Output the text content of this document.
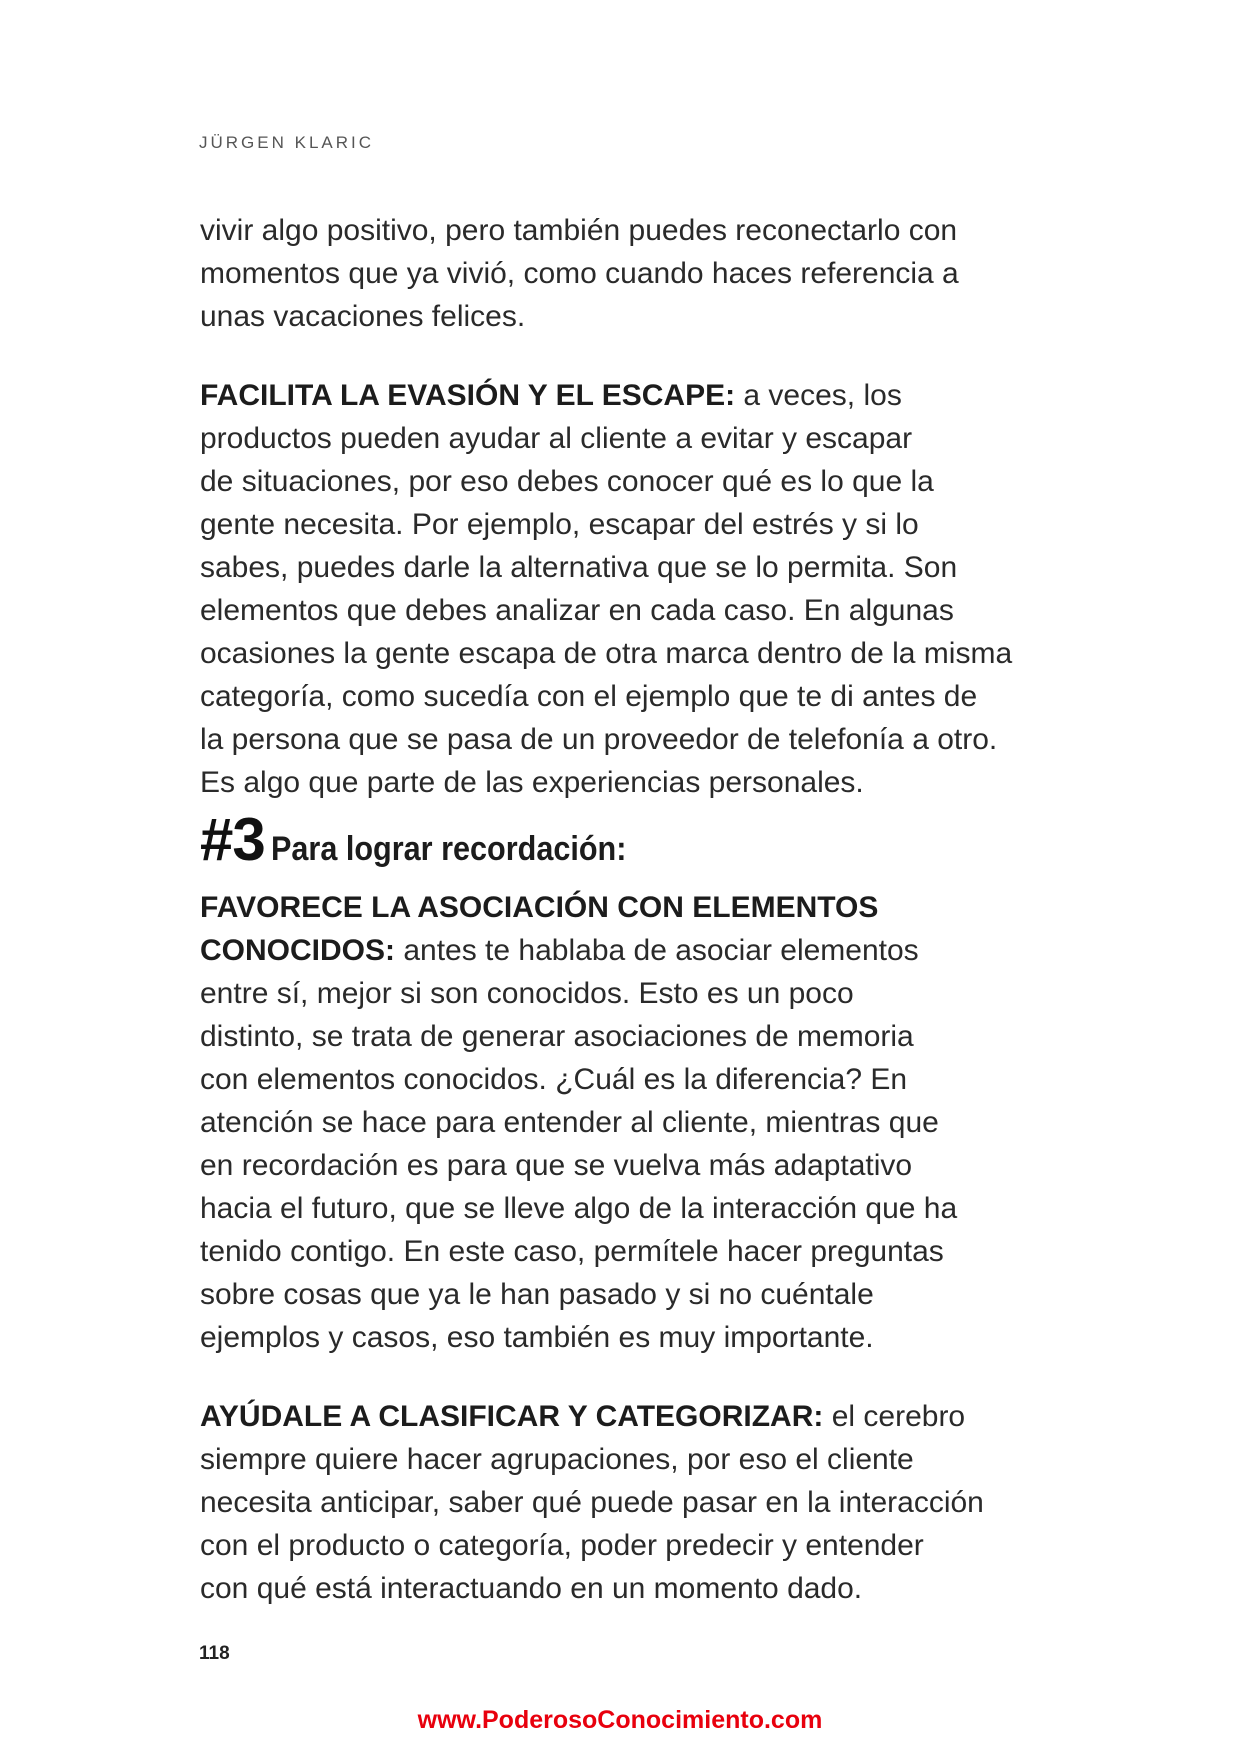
JÜRGEN KLARIC
vivir algo positivo, pero también puedes reconectarlo con
momentos que ya vivió, como cuando haces referencia a
unas vacaciones felices.
FACILITA LA EVASIÓN Y EL ESCAPE: a veces, los
productos pueden ayudar al cliente a evitar y escapar
de situaciones, por eso debes conocer qué es lo que la
gente necesita. Por ejemplo, escapar del estrés y si lo
sabes, puedes darle la alternativa que se lo permita. Son
elementos que debes analizar en cada caso. En algunas
ocasiones la gente escapa de otra marca dentro de la misma
categoría, como sucedía con el ejemplo que te di antes de
la persona que se pasa de un proveedor de telefonía a otro.
Es algo que parte de las experiencias personales.
#3 Para lograr recordación:
FAVORECE LA ASOCIACIÓN CON ELEMENTOS
CONOCIDOS: antes te hablaba de asociar elementos
entre sí, mejor si son conocidos. Esto es un poco
distinto, se trata de generar asociaciones de memoria
con elementos conocidos. ¿Cuál es la diferencia? En
atención se hace para entender al cliente, mientras que
en recordación es para que se vuelva más adaptativo
hacia el futuro, que se lleve algo de la interacción que ha
tenido contigo. En este caso, permítele hacer preguntas
sobre cosas que ya le han pasado y si no cuéntale
ejemplos y casos, eso también es muy importante.
AYÚDALE A CLASIFICAR Y CATEGORIZAR: el cerebro
siempre quiere hacer agrupaciones, por eso el cliente
necesita anticipar, saber qué puede pasar en la interacción
con el producto o categoría, poder predecir y entender
con qué está interactuando en un momento dado.
118
www.PoderosoConocimiento.com
